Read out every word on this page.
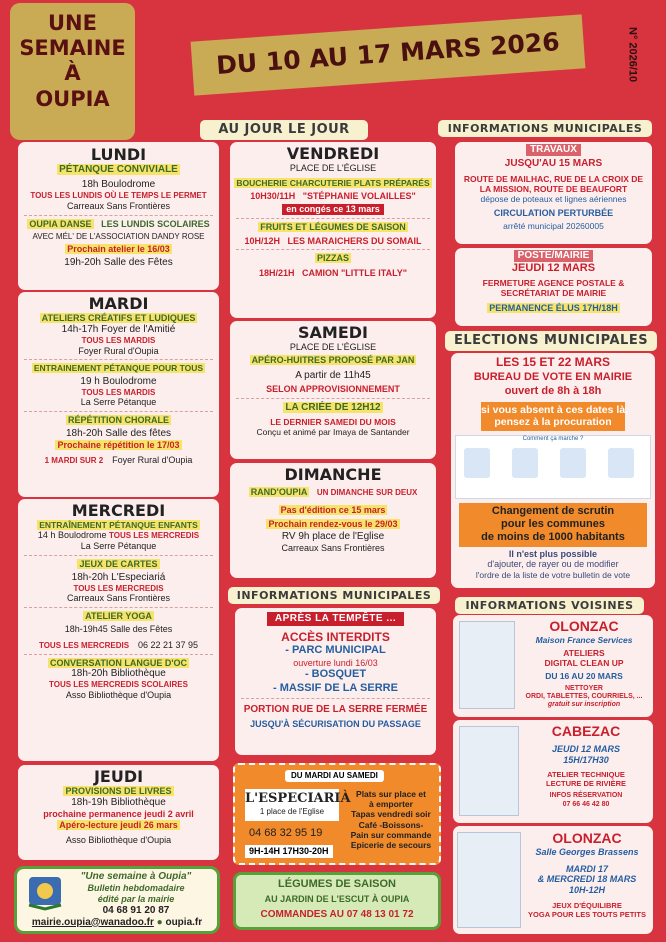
UNE
SEMAINE
À
OUPIA
DU 10 AU 17 MARS 2026	N° 2026/10
AU JOUR LE JOUR	INFORMATIONS MUNICIPALES
LUNDI
PÉTANQUE CONVIVIALE
18h Boulodrome
TOUS LES LUNDIS OÙ LE TEMPS LE PERMET
Carreaux Sans Frontières
OUPIA DANSE LES LUNDIS SCOLAIRES
AVEC MÉL' DE L'ASSOCIATION DANDY ROSE
Prochain atelier le 16/03
19h-20h Salle des Fêtes
MARDI
ATELIERS CRÉATIFS ET LUDIQUES
14h-17h Foyer de l'Amitié
TOUS LES MARDIS
Foyer Rural d'Oupia
ENTRAINEMENT PÉTANQUE POUR TOUS
19 h Boulodrome
TOUS LES MARDIS
La Serre Pétanque
RÉPÉTITION CHORALE
18h-20h Salle des fêtes
Prochaine répétition le 17/03
1 MARDI SUR 2 Foyer Rural d'Oupia
MERCREDI
ENTRAÎNEMENT PÉTANQUE ENFANTS
14 h Boulodrome TOUS LES MERCREDIS
La Serre Pétanque
JEUX DE CARTES
18h-20h L'Especiariá
TOUS LES MERCREDIS
Carreaux Sans Frontières
ATELIER YOGA
18h-19h45 Salle des Fêtes
TOUS LES MERCREDIS 06 22 21 37 95
CONVERSATION LANGUE D'OC
18h-20h Bibliothèque
TOUS LES MERCREDIS SCOLAIRES
Asso Bibliothèque d'Oupia
JEUDI
PROVISIONS DE LIVRES
18h-19h Bibliothèque
prochaine permanence jeudi 2 avril
Apéro-lecture jeudi 26 mars
Asso Bibliothèque d'Oupia
"Une semaine à Oupia"
Bulletin hebdomadaire
édité par la mairie
04 68 91 20 87
mairie.oupia@wanadoo.fr ● oupia.fr
VENDREDI
PLACE DE L'ÉGLISE
BOUCHERIE CHARCUTERIE PLATS PRÉPARÉS
10H30/11H "STÉPHANIE VOLAILLES"
en congés ce 13 mars
FRUITS ET LÉGUMES DE SAISON
10H/12H LES MARAICHERS DU SOMAIL
PIZZAS
18H/21H CAMION "LITTLE ITALY"
SAMEDI
PLACE DE L'ÉGLISE
APÉRO-HUITRES PROPOSÉ PAR JAN
A partir de 11h45
SELON APPROVISIONNEMENT
LA CRIÉE DE 12H12
LE DERNIER SAMEDI DU MOIS
Conçu et animé par Imaya de Santander
DIMANCHE
RAND'OUPIA UN DIMANCHE SUR DEUX
Pas d'édition ce 15 mars
Prochain rendez-vous le 29/03
RV 9h place de l'Eglise
Carreaux Sans Frontières
INFORMATIONS MUNICIPALES
APRÈS LA TEMPÊTE ...
ACCÈS INTERDITS
- PARC MUNICIPAL
ouverture lundi 16/03
- BOSQUET
- MASSIF DE LA SERRE
PORTION RUE DE LA SERRE FERMÉE
JUSQU'À SÉCURISATION DU PASSAGE
DU MARDI AU SAMEDI
L'ESPECIARIÀ
1 place de l'Eglise
04 68 32 95 19
9H-14H 17H30-20H
Plats sur place et
à emporter
Tapas vendredi soir
Café -Boissons-
Pain sur commande
Epicerie de secours
LÉGUMES DE SAISON
AU JARDIN DE L'ESCUT À OUPIA
COMMANDES AU 07 48 13 01 72
TRAVAUX
JUSQU'AU 15 MARS
ROUTE DE MAILHAC, RUE DE LA CROIX DE
LA MISSION, ROUTE DE BEAUFORT
dépose de poteaux et lignes aériennes
CIRCULATION PERTURBÉE
arrêté municipal 20260005
POSTE/MAIRIE
JEUDI 12 MARS
FERMETURE AGENCE POSTALE &
SECRÉTARIAT DE MAIRIE
PERMANENCE ÉLUS 17H/18H
ELECTIONS MUNICIPALES
LES 15 ET 22 MARS
BUREAU DE VOTE EN MAIRIE
ouvert de 8h à 18h
si vous absent à ces dates là,
pensez à la procuration
Comment ça marche ?
Changement de scrutin
pour les communes
de moins de 1000 habitants
Il n'est plus possible
d'ajouter, de rayer ou de modifier
l'ordre de la liste de votre bulletin de vote
INFORMATIONS VOISINES
OLONZAC
Maison France Services
ATELIERS
DIGITAL CLEAN UP
DU 16 AU 20 MARS
NETTOYER
ORDI, TABLETTES, COURRIELS, ...
gratuit sur inscription
CABEZAC
JEUDI 12 MARS
15H/17H30
ATELIER TECHNIQUE
LECTURE DE RIVIÈRE
INFOS RÉSERVATION
07 66 46 42 80
OLONZAC
Salle Georges Brassens
MARDI 17
& MERCREDI 18 MARS
10H-12H
JEUX D'ÉQUILIBRE
YOGA POUR LES TOUTS PETITS
